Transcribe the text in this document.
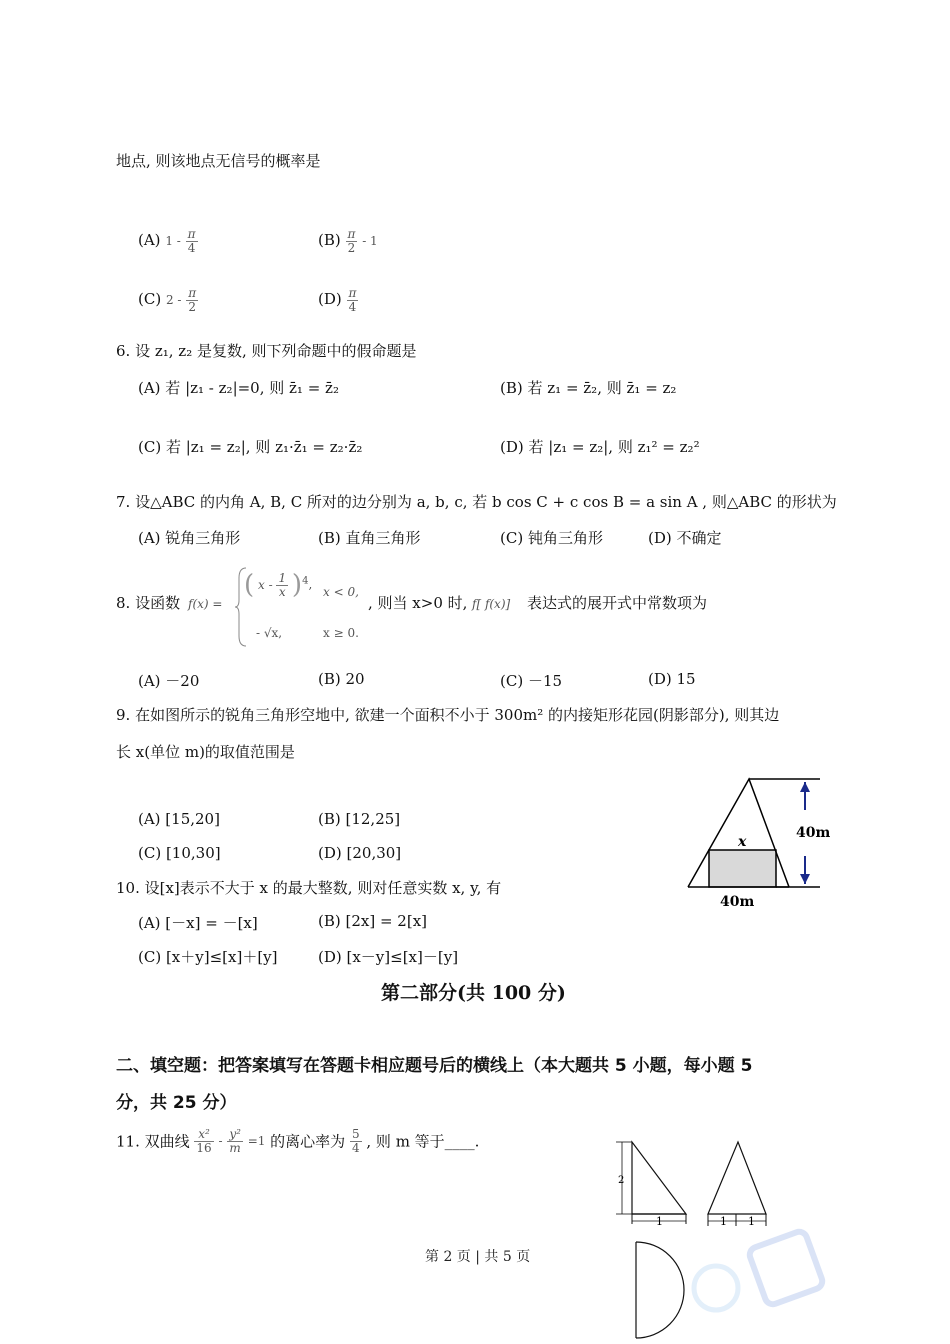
地点, 则该地点无信号的概率是
(A) $1 - \frac{\pi}{4}$	$(B) \frac{\pi}{2} - 1$
(C) $2 - \frac{\pi}{2}$	$(D) \frac{\pi}{4}$
6. 设 z₁, z₂ 是复数, 则下列命题中的假命题是
(A) 若 |z₁ - z₂|=0, 则 z̄₁ = z̄₂	(B) 若 z₁ = z̄₂, 则 z̄₁ = z₂
(C) 若 |z₁ = z₂|, 则 z₁·z̄₁ = z₂·z̄₂	(D) 若 |z₁ = z₂|, 则 z₁² = z₂²
7. 设△ABC 的内角 A, B, C 所对的边分别为 a, b, c, 若 b cos C + c cos B = a sin A , 则△ABC 的形状为
(A) 锐角三角形	(B) 直角三角形	(C) 钝角三角形	(D) 不确定
8. 设函数 f(x) =
( x - $\frac{1}{x} )^4$,
x < 0,
- √x,	x ≥ 0.
, 则当 x>0 时, f[ f(x)] 表达式的展开式中常数项为
(A) －20	(B) 20	(C) －15	(D) 15
9. 在如图所示的锐角三角形空地中, 欲建一个面积不小于 300m² 的内接矩形花园(阴影部分), 则其边
长 x(单位 m)的取值范围是
(A) [15,20]	(B) [12,25]
(C) [10,30]	(D) [20,30]
x
40m
40m
10. 设[x]表示不大于 x 的最大整数, 则对任意实数 x, y, 有
(A) [－x] = －[x]	(B) [2x] = 2[x]
(C) [x＋y]≤[x]＋[y]	(D) [x－y]≤[x]－[y]
第二部分(共 100 分)
二、填空题：把答案填写在答题卡相应题号后的横线上（本大题共 5 小题，每小题 5
分，共 25 分）
11. 双曲线 $\frac{\text{x²}}{16} - \frac{\text{y²}}{m} =1$ 的离心率为 $\frac{5}{4}$ , 则 m 等于____.
2
1	1 1
第 2 页 | 共 5 页
